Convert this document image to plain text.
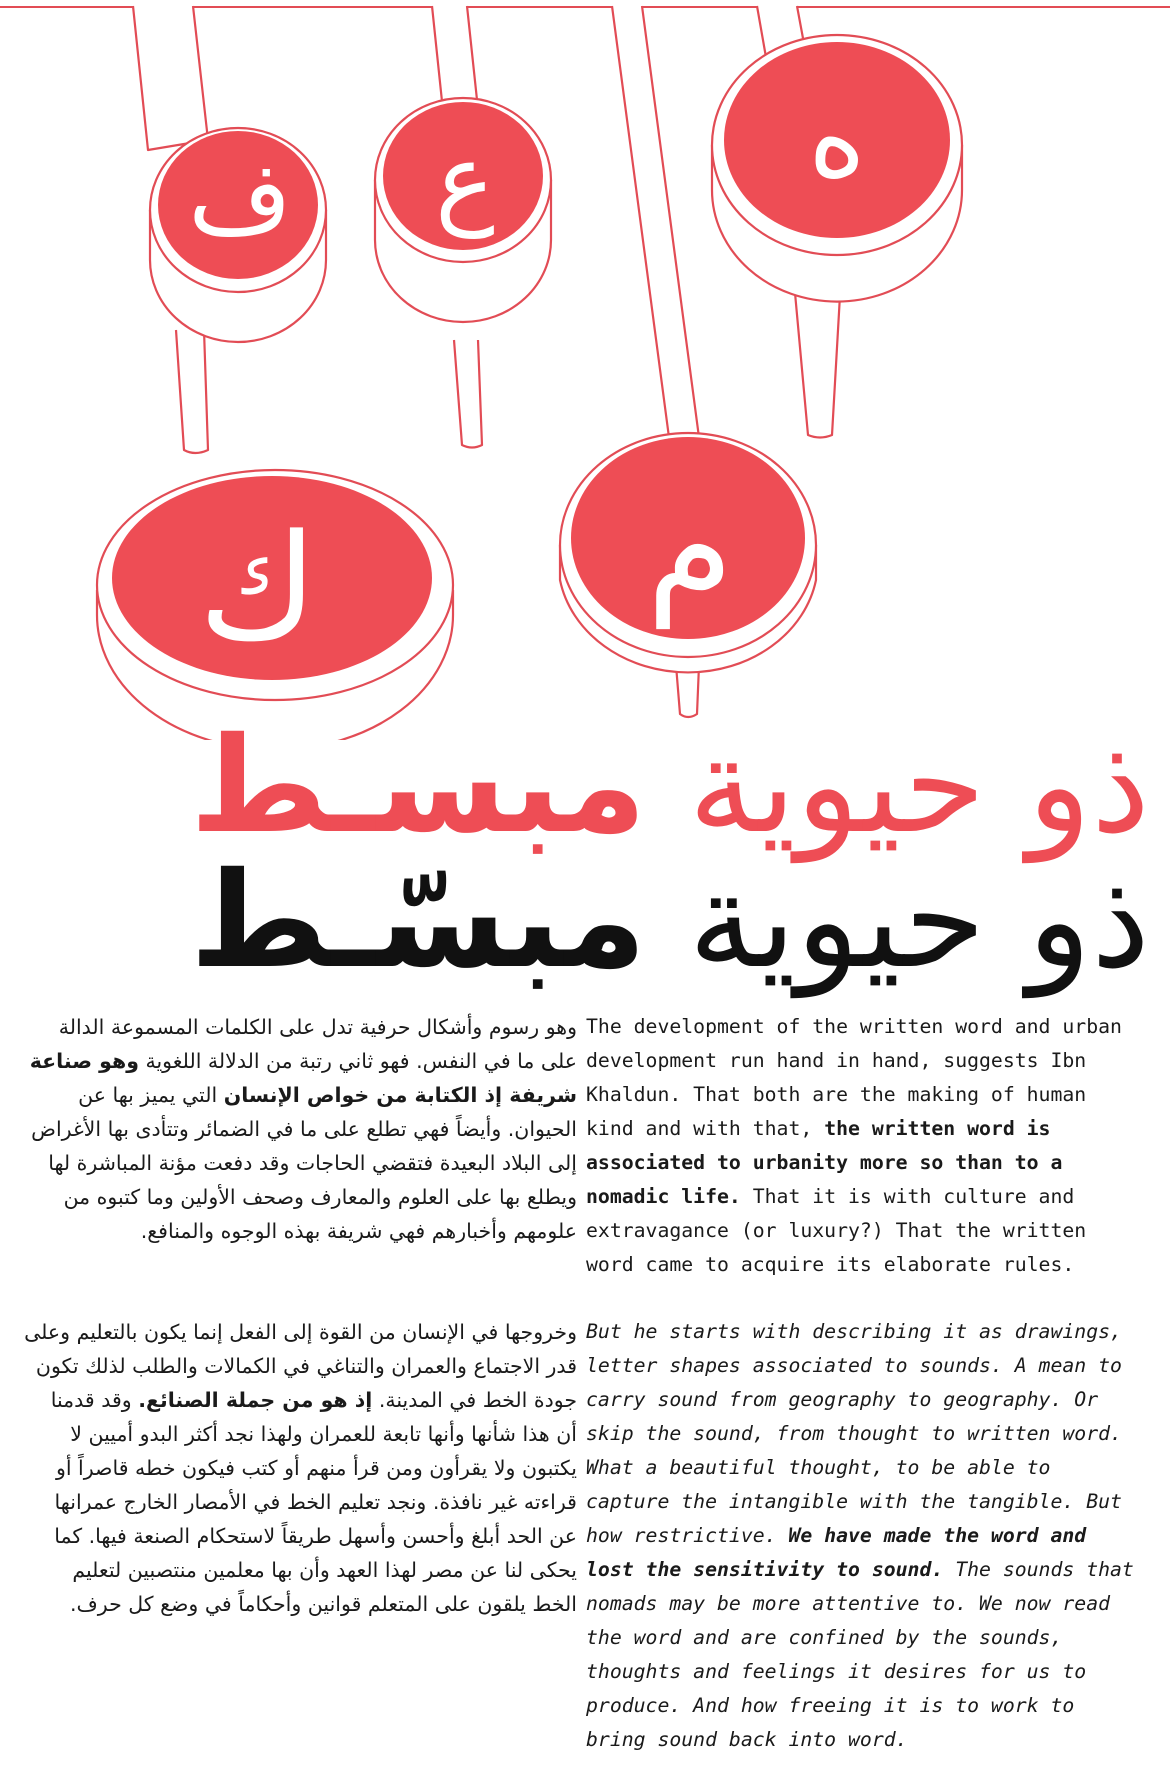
ف ع	ه
ك م
ذو حيوية مبسـط
ذو حيوية مبسّـط

The development of the written word and urban development run hand in hand, suggests Ibn Khaldun. That both are the making of human kind and with that, the written word is associated to urbanity more so than to a nomadic life. That it is with culture and extravagance (or luxury?) That the written word came to acquire its elaborate rules.

But he starts with describing it as drawings, letter shapes associated to sounds. A mean to carry sound from geography to geography. Or skip the sound, from thought to written word. What a beautiful thought, to be able to capture the intangible with the tangible. But how restrictive. We have made the word and lost the sensitivity to sound. The sounds that nomads may be more attentive to. We now read the word and are confined by the sounds, thoughts and feelings it desires for us to produce. And how freeing it is to work to bring sound back into word.

وهو رسوم وأشكال حرفية تدل على الكلمات المسموعة الدالة على ما في النفس. فهو ثاني رتبة من الدلالة اللغوية وهو صناعة شريفة إذ الكتابة من خواص الإنسان التي يميز بها عن الحيوان. وأيضاً فهي تطلع على ما في الضمائر وتتأدى بها الأغراض إلى البلاد البعيدة فتقضي الحاجات وقد دفعت مؤنة المباشرة لها ويطلع بها على العلوم والمعارف وصحف الأولين وما كتبوه من علومهم وأخبارهم فهي شريفة بهذه الوجوه والمنافع.

وخروجها في الإنسان من القوة إلى الفعل إنما يكون بالتعليم وعلى قدر الاجتماع والعمران والتناغي في الكمالات والطلب لذلك تكون جودة الخط في المدينة. إذ هو من جملة الصنائع. وقد قدمنا أن هذا شأنها وأنها تابعة للعمران ولهذا نجد أكثر البدو أميين لا يكتبون ولا يقرأون ومن قرأ منهم أو كتب فيكون خطه قاصراً أو قراءته غير نافذة. ونجد تعليم الخط في الأمصار الخارج عمرانها عن الحد أبلغ وأحسن وأسهل طريقاً لاستحكام الصنعة فيها. كما يحكى لنا عن مصر لهذا العهد وأن بها معلمين منتصبين لتعليم الخط يلقون على المتعلم قوانين وأحكاماً في وضع كل حرف.
